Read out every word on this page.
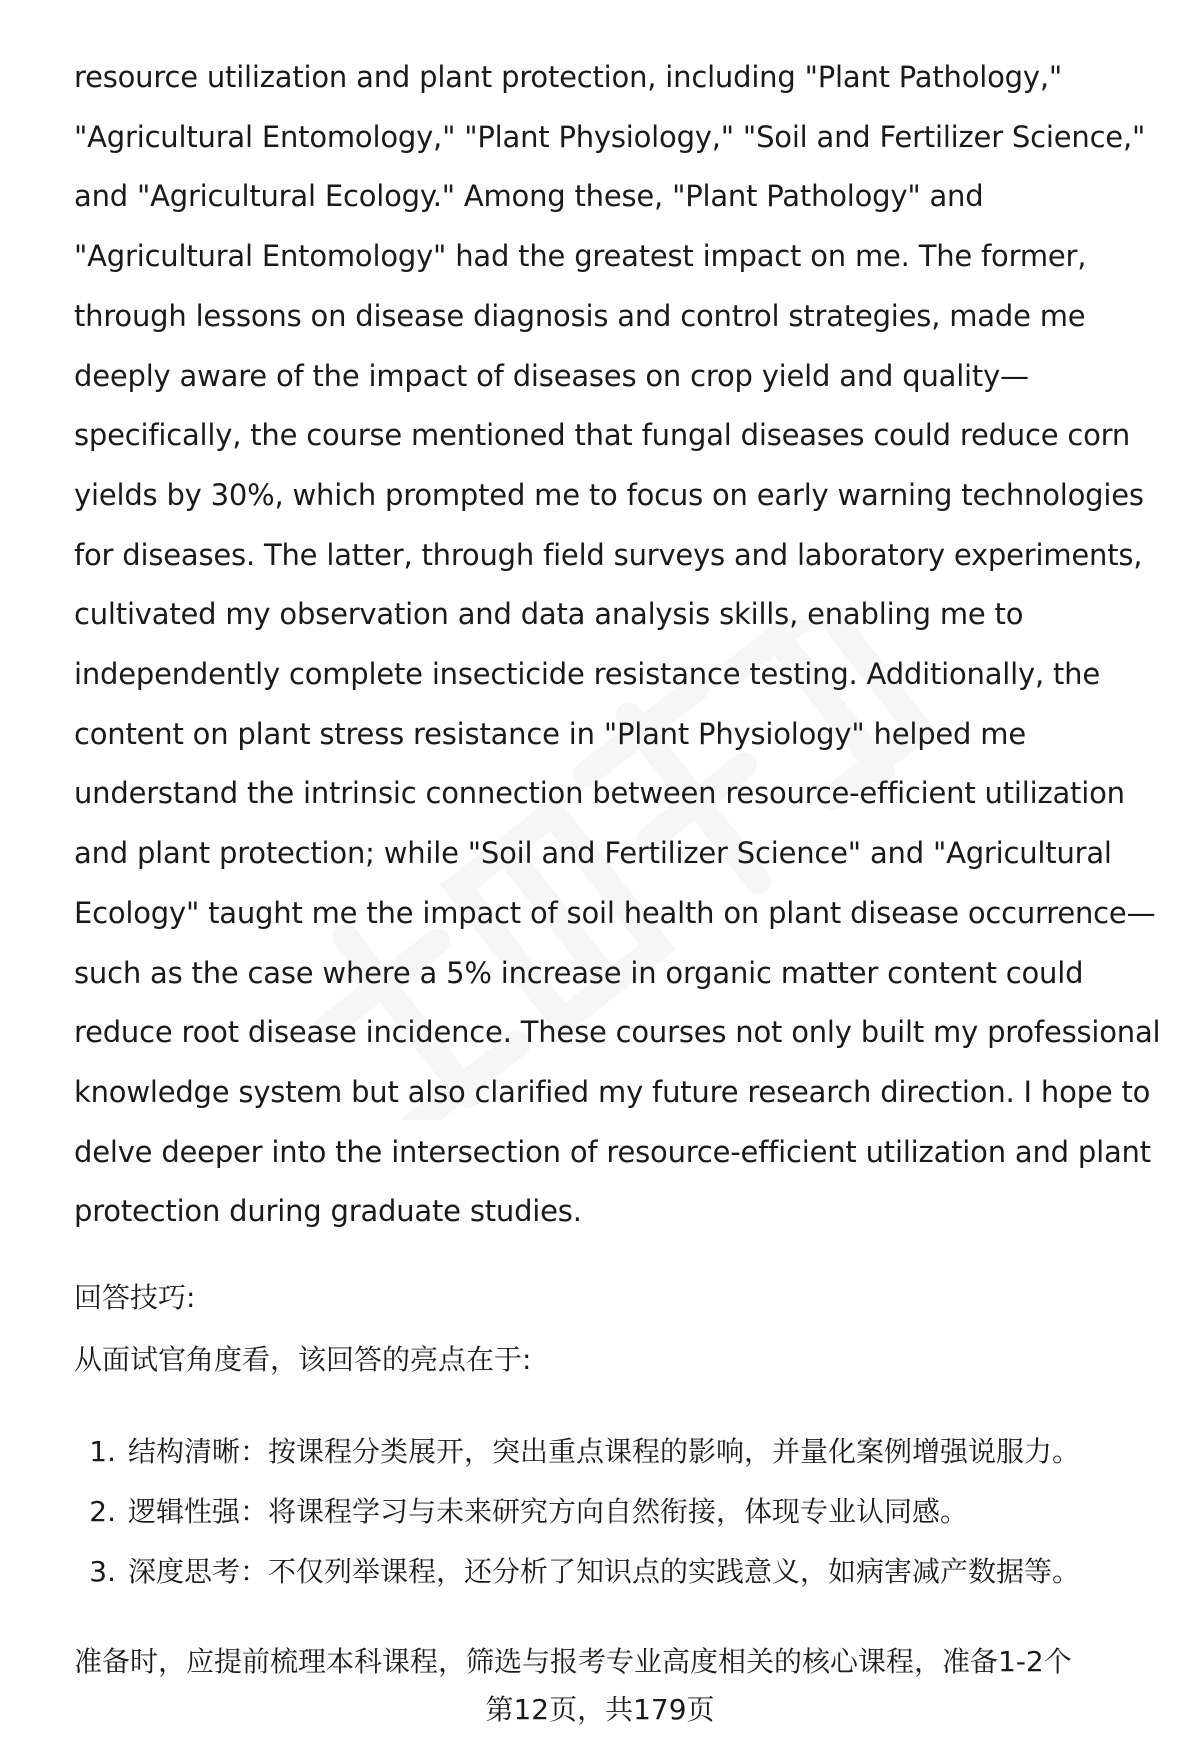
resource utilization and plant protection, including "Plant Pathology,"
"Agricultural Entomology," "Plant Physiology," "Soil and Fertilizer Science,"
and "Agricultural Ecology." Among these, "Plant Pathology" and
"Agricultural Entomology" had the greatest impact on me. The former,
through lessons on disease diagnosis and control strategies, made me
deeply aware of the impact of diseases on crop yield and quality—
specifically, the course mentioned that fungal diseases could reduce corn
yields by 30%, which prompted me to focus on early warning technologies
for diseases. The latter, through field surveys and laboratory experiments,
cultivated my observation and data analysis skills, enabling me to
independently complete insecticide resistance testing. Additionally, the
content on plant stress resistance in "Plant Physiology" helped me
understand the intrinsic connection between resource-efficient utilization
and plant protection; while "Soil and Fertilizer Science" and "Agricultural
Ecology" taught me the impact of soil health on plant disease occurrence—
such as the case where a 5% increase in organic matter content could
reduce root disease incidence. These courses not only built my professional
knowledge system but also clarified my future research direction. I hope to
delve deeper into the intersection of resource-efficient utilization and plant
protection during graduate studies.
回答技巧:
从面试官角度看，该回答的亮点在于:
1. 结构清晰：按课程分类展开，突出重点课程的影响，并量化案例增强说服力。
2. 逻辑性强：将课程学习与未来研究方向自然衔接，体现专业认同感。
3. 深度思考：不仅列举课程，还分析了知识点的实践意义，如病害减产数据等。
准备时，应提前梳理本科课程，筛选与报考专业高度相关的核心课程，准备1-2个
第12页，共179页
